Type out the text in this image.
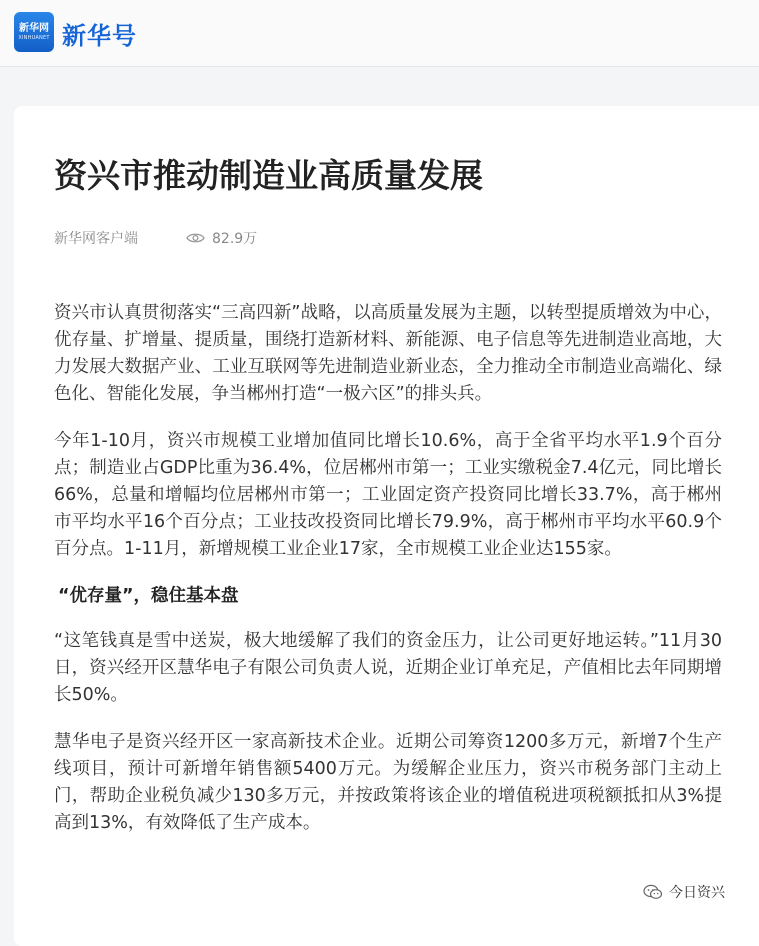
新华网
XINHUANET 新华号
资兴市推动制造业高质量发展
新华网客户端	82.9万

资兴市认真贯彻落实“三高四新”战略，以高质量发展为主题，以转型提质增效为中心，优存量、扩增量、提质量，围绕打造新材料、新能源、电子信息等先进制造业高地，大力发展大数据产业、工业互联网等先进制造业新业态，全力推动全市制造业高端化、绿色化、智能化发展，争当郴州打造“一极六区”的排头兵。

今年1-10月，资兴市规模工业增加值同比增长10.6%，高于全省平均水平1.9个百分点；制造业占GDP比重为36.4%，位居郴州市第一；工业实缴税金7.4亿元，同比增长66%，总量和增幅均位居郴州市第一；工业固定资产投资同比增长33.7%，高于郴州市平均水平16个百分点；工业技改投资同比增长79.9%，高于郴州市平均水平60.9个百分点。1-11月，新增规模工业企业17家，全市规模工业企业达155家。

“优存量”，稳住基本盘

“这笔钱真是雪中送炭，极大地缓解了我们的资金压力，让公司更好地运转。”11月30日，资兴经开区慧华电子有限公司负责人说，近期企业订单充足，产值相比去年同期增长50%。

慧华电子是资兴经开区一家高新技术企业。近期公司筹资1200多万元，新增7个生产线项目，预计可新增年销售额5400万元。为缓解企业压力，资兴市税务部门主动上门，帮助企业税负减少130多万元，并按政策将该企业的增值税进项税额抵扣从3%提高到13%，有效降低了生产成本。

今日资兴
